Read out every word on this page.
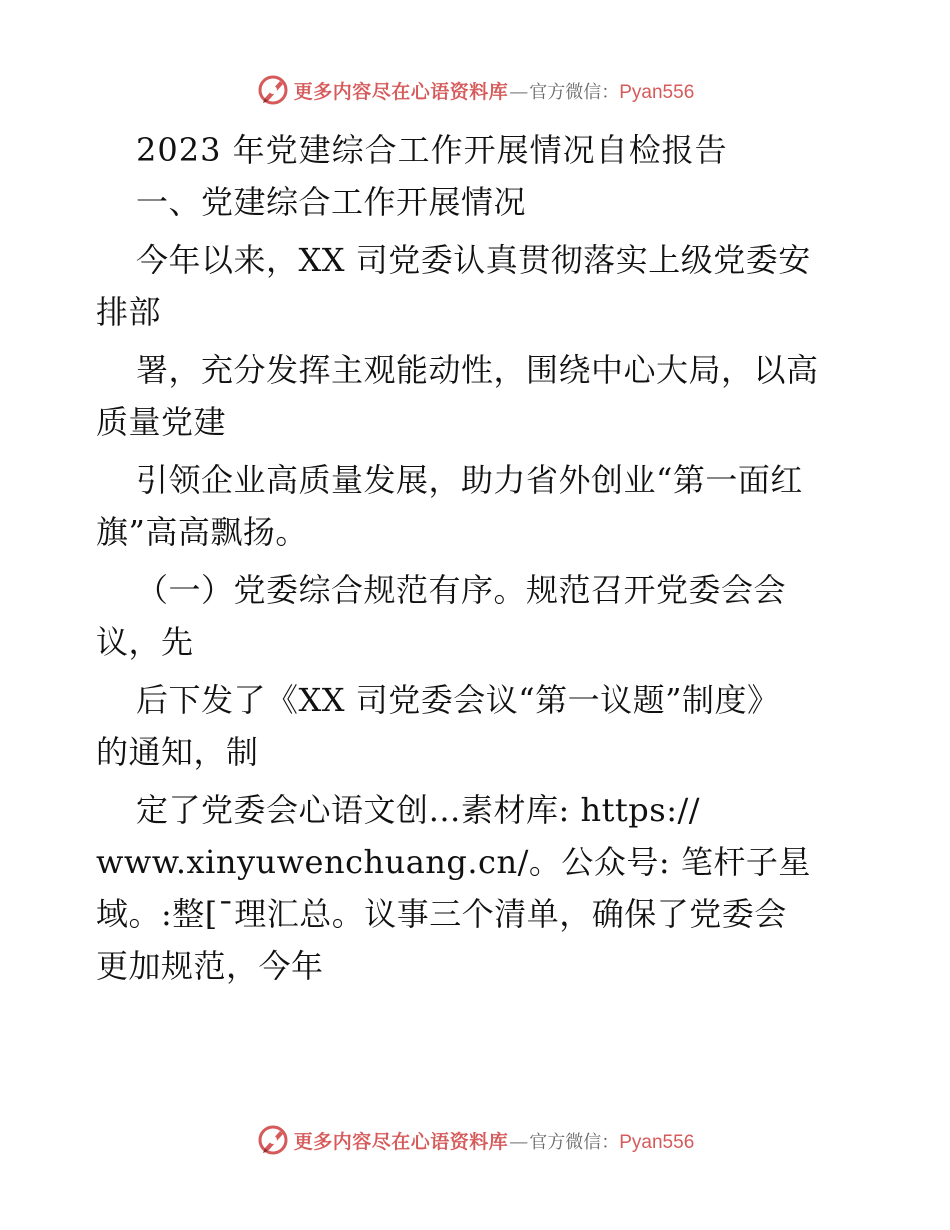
更多内容尽在心语资料库 — 官方微信： Pyan556
2023 年党建综合工作开展情况自检报告
一、党建综合工作开展情况
今年以来，XX 司党委认真贯彻落实上级党委安
排部
署，充分发挥主观能动性，围绕中心大局，以高
质量党建
引领企业高质量发展，助力省外创业“第一面红
旗”高高飘扬。
（一）党委综合规范有序。规范召开党委会会
议，先
后下发了《XX 司党委会议“第一议题”制度》
的通知，制
定了党委会心语文创…素材库: https://
www.xinyuwenchuang.cn/。公众号: 笔杆子星
域。:整[¯理汇总。议事三个清单，确保了党委会
更加规范，今年
更多内容尽在心语资料库 — 官方微信： Pyan556
